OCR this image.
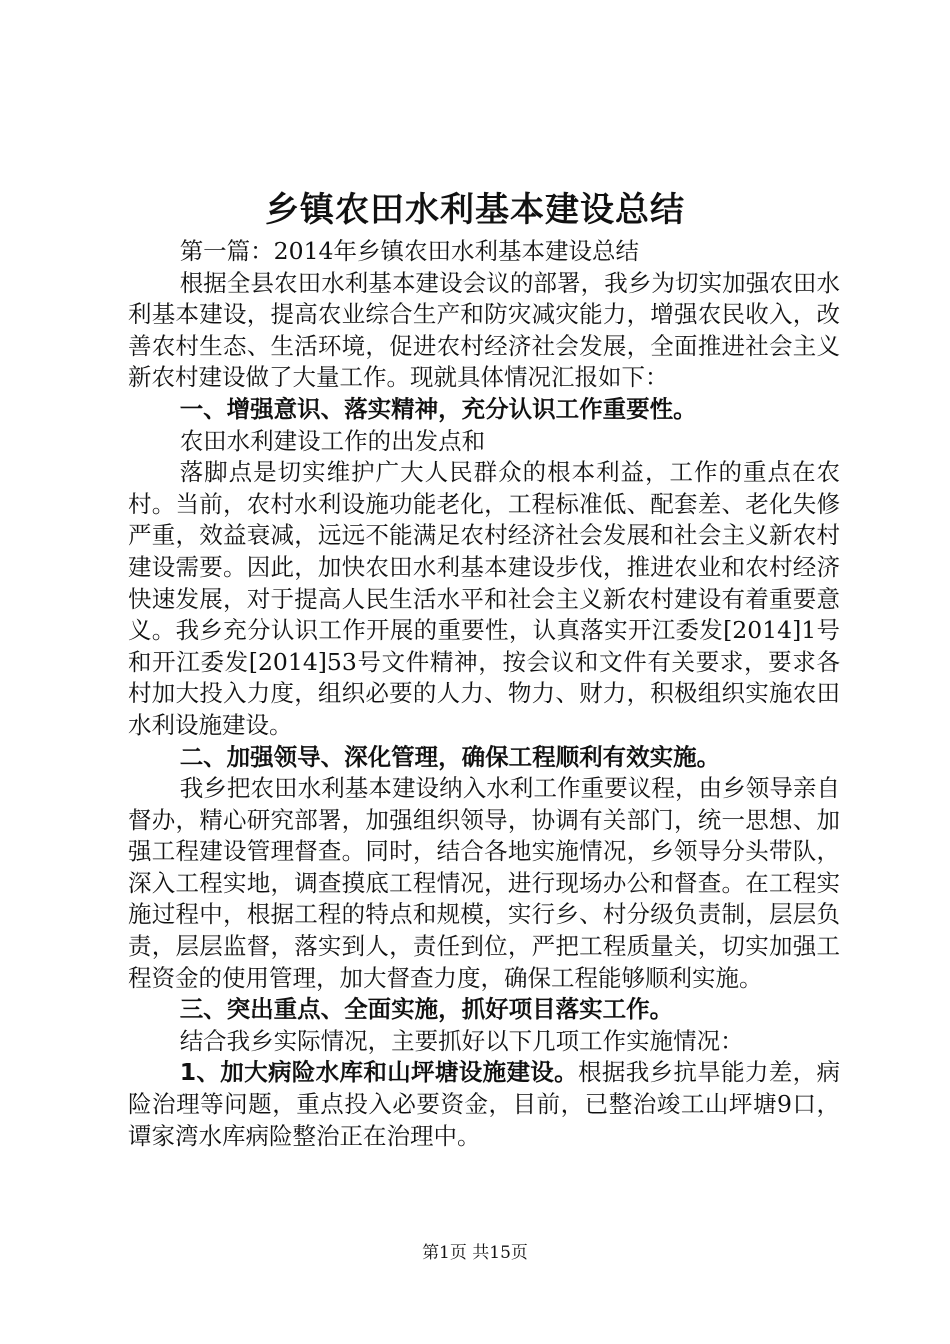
乡镇农田水利基本建设总结

第一篇：2014年乡镇农田水利基本建设总结

根据全县农田水利基本建设会议的部署，我乡为切实加强农田水利基本建设，提高农业综合生产和防灾减灾能力，增强农民收入，改善农村生态、生活环境，促进农村经济社会发展，全面推进社会主义新农村建设做了大量工作。现就具体情况汇报如下：

一、增强意识、落实精神，充分认识工作重要性。

农田水利建设工作的出发点和

落脚点是切实维护广大人民群众的根本利益，工作的重点在农村。当前，农村水利设施功能老化，工程标准低、配套差、老化失修严重，效益衰减，远远不能满足农村经济社会发展和社会主义新农村建设需要。因此，加快农田水利基本建设步伐，推进农业和农村经济快速发展，对于提高人民生活水平和社会主义新农村建设有着重要意义。我乡充分认识工作开展的重要性，认真落实开江委发[2014]1号和开江委发[2014]53号文件精神，按会议和文件有关要求，要求各村加大投入力度，组织必要的人力、物力、财力，积极组织实施农田水利设施建设。

二、加强领导、深化管理，确保工程顺利有效实施。

我乡把农田水利基本建设纳入水利工作重要议程，由乡领导亲自督办，精心研究部署，加强组织领导，协调有关部门，统一思想、加强工程建设管理督查。同时，结合各地实施情况，乡领导分头带队，深入工程实地，调查摸底工程情况，进行现场办公和督查。在工程实施过程中，根据工程的特点和规模，实行乡、村分级负责制，层层负责，层层监督，落实到人，责任到位，严把工程质量关，切实加强工程资金的使用管理，加大督查力度，确保工程能够顺利实施。

三、突出重点、全面实施，抓好项目落实工作。

结合我乡实际情况，主要抓好以下几项工作实施情况：

1、加大病险水库和山坪塘设施建设。根据我乡抗旱能力差，病险治理等问题，重点投入必要资金，目前，已整治竣工山坪塘9口，谭家湾水库病险整治正在治理中。

第1页 共15页
